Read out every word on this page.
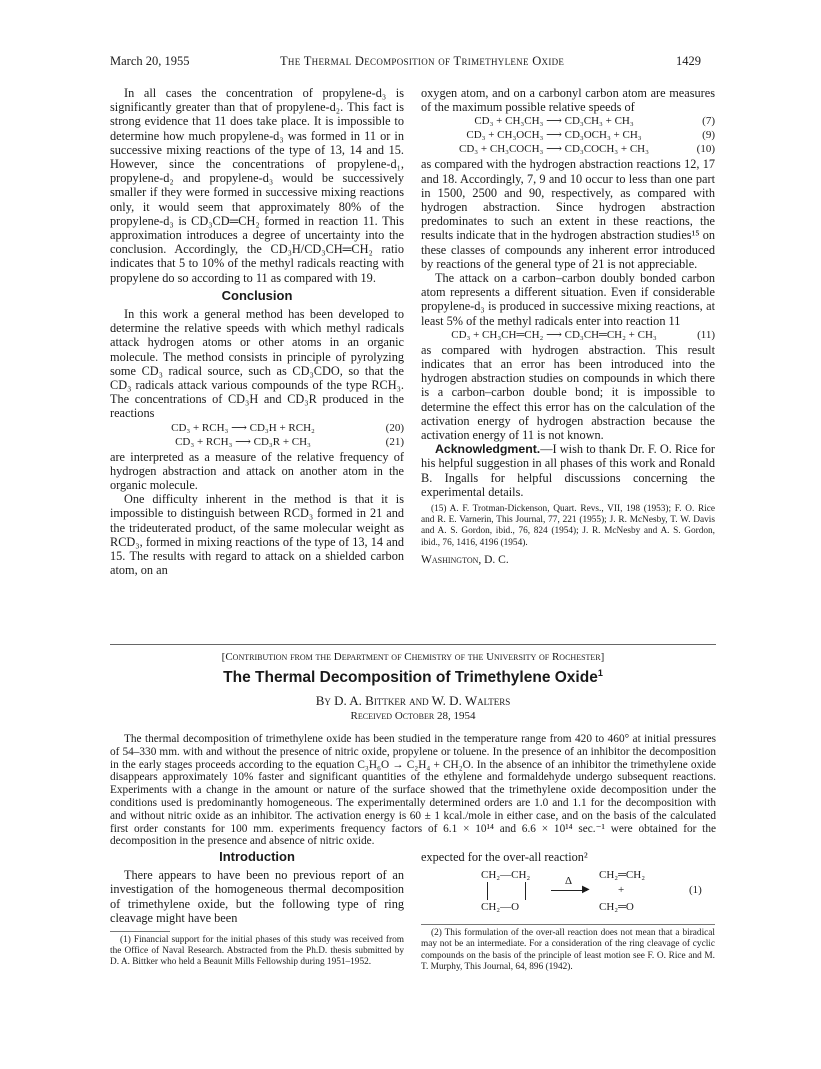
March 20, 1955	The Thermal Decomposition of Trimethylene Oxide	1429

In all cases the concentration of propylene-d₃ is significantly greater than that of propylene-d₂. This fact is strong evidence that 11 does take place. It is impossible to determine how much propylene-d₃ was formed in 11 or in successive mixing reactions of the type of 13, 14 and 15. However, since the concentrations of propylene-d₁, propylene-d₂ and propylene-d₃ would be successively smaller if they were formed in successive mixing reactions only, it would seem that approximately 80% of the propylene-d₃ is CD₃CD═CH₂ formed in reaction 11. This approximation introduces a degree of uncertainty into the conclusion. Accordingly, the CD₃H/CD₃CH═CH₂ ratio indicates that 5 to 10% of the methyl radicals reacting with propylene do so according to 11 as compared with 19.

Conclusion

In this work a general method has been developed to determine the relative speeds with which methyl radicals attack hydrogen atoms or other atoms in an organic molecule. The method consists in principle of pyrolyzing some CD₃ radical source, such as CD₃CDO, so that the CD₃ radicals attack various compounds of the type RCH₃. The concentrations of CD₃H and CD₃R produced in the reactions

CD₃ + RCH₃ ⟶ CD₃H + RCH₂	(20)
CD₃ + RCH₃ ⟶ CD₃R + CH₃	(21)

are interpreted as a measure of the relative frequency of hydrogen abstraction and attack on another atom in the organic molecule.

One difficulty inherent in the method is that it is impossible to distinguish between RCD₃ formed in 21 and the trideuterated product, of the same molecular weight as RCD₃, formed in mixing reactions of the type of 13, 14 and 15. The results with regard to attack on a shielded carbon atom, on an

oxygen atom, and on a carbonyl carbon atom are measures of the maximum possible relative speeds of

CD₃ + CH₃CH₃ ⟶ CD₃CH₃ + CH₃	(7)
CD₃ + CH₃OCH₃ ⟶ CD₃OCH₃ + CH₃	(9)
CD₃ + CH₃COCH₃ ⟶ CD₃COCH₃ + CH₃	(10)

as compared with the hydrogen abstraction reactions 12, 17 and 18. Accordingly, 7, 9 and 10 occur to less than one part in 1500, 2500 and 90, respectively, as compared with hydrogen abstraction. Since hydrogen abstraction predominates to such an extent in these reactions, the results indicate that in the hydrogen abstraction studies¹⁵ on these classes of compounds any inherent error introduced by reactions of the general type of 21 is not appreciable.

The attack on a carbon–carbon doubly bonded carbon atom represents a different situation. Even if considerable propylene-d₃ is produced in successive mixing reactions, at least 5% of the methyl radicals enter into reaction 11

CD₃ + CH₃CH═CH₂ ⟶ CD₃CH═CH₂ + CH₃	(11)

as compared with hydrogen abstraction. This result indicates that an error has been introduced into the hydrogen abstraction studies on compounds in which there is a carbon–carbon double bond; it is impossible to determine the effect this error has on the calculation of the activation energy of hydrogen abstraction because the activation energy of 11 is not known.

Acknowledgment.—I wish to thank Dr. F. O. Rice for his helpful suggestion in all phases of this work and Ronald B. Ingalls for helpful discussions concerning the experimental details.

(15) A. F. Trotman-Dickenson, Quart. Revs., VII, 198 (1953); F. O. Rice and R. E. Varnerin, This Journal, 77, 221 (1955); J. R. McNesby, T. W. Davis and A. S. Gordon, ibid., 76, 824 (1954); J. R. McNesby and A. S. Gordon, ibid., 76, 1416, 4196 (1954).

Washington, D. C.
[Contribution from the Department of Chemistry of the University of Rochester]
The Thermal Decomposition of Trimethylene Oxide$^1$
By D. A. Bittker and W. D. Walters
Received October 28, 1954

The thermal decomposition of trimethylene oxide has been studied in the temperature range from 420 to 460° at initial pressures of 54–330 mm. with and without the presence of nitric oxide, propylene or toluene. In the presence of an inhibitor the decomposition in the early stages proceeds according to the equation C₃H₆O → C₂H₄ + CH₂O. In the absence of an inhibitor the trimethylene oxide disappears approximately 10% faster and significant quantities of the ethylene and formaldehyde undergo subsequent reactions. Experiments with a change in the amount or nature of the surface showed that the trimethylene oxide decomposition under the conditions used is predominantly homogeneous. The experimentally determined orders are 1.0 and 1.1 for the decomposition with and without nitric oxide as an inhibitor. The activation energy is 60 ± 1 kcal./mole in either case, and on the basis of the calculated first order constants for 100 mm. experiments frequency factors of 6.1 × 10¹⁴ and 6.6 × 10¹⁴ sec.⁻¹ were obtained for the decomposition in the presence and absence of nitric oxide.

Introduction

There appears to have been no previous report of an investigation of the homogeneous thermal decomposition of trimethylene oxide, but the following type of ring cleavage might have been

(1) Financial support for the initial phases of this study was received from the Office of Naval Research. Abstracted from the Ph.D. thesis submitted by D. A. Bittker who held a Beaunit Mills Fellowship during 1951–1952.

expected for the over-all reaction²

CH₂—CH₂
CH₂—O
Δ
▶
CH₂═CH₂
+
CH₂═O
(1)

(2) This formulation of the over-all reaction does not mean that a biradical may not be an intermediate. For a consideration of the ring cleavage of cyclic compounds on the basis of the principle of least motion see F. O. Rice and M. T. Murphy, This Journal, 64, 896 (1942).
